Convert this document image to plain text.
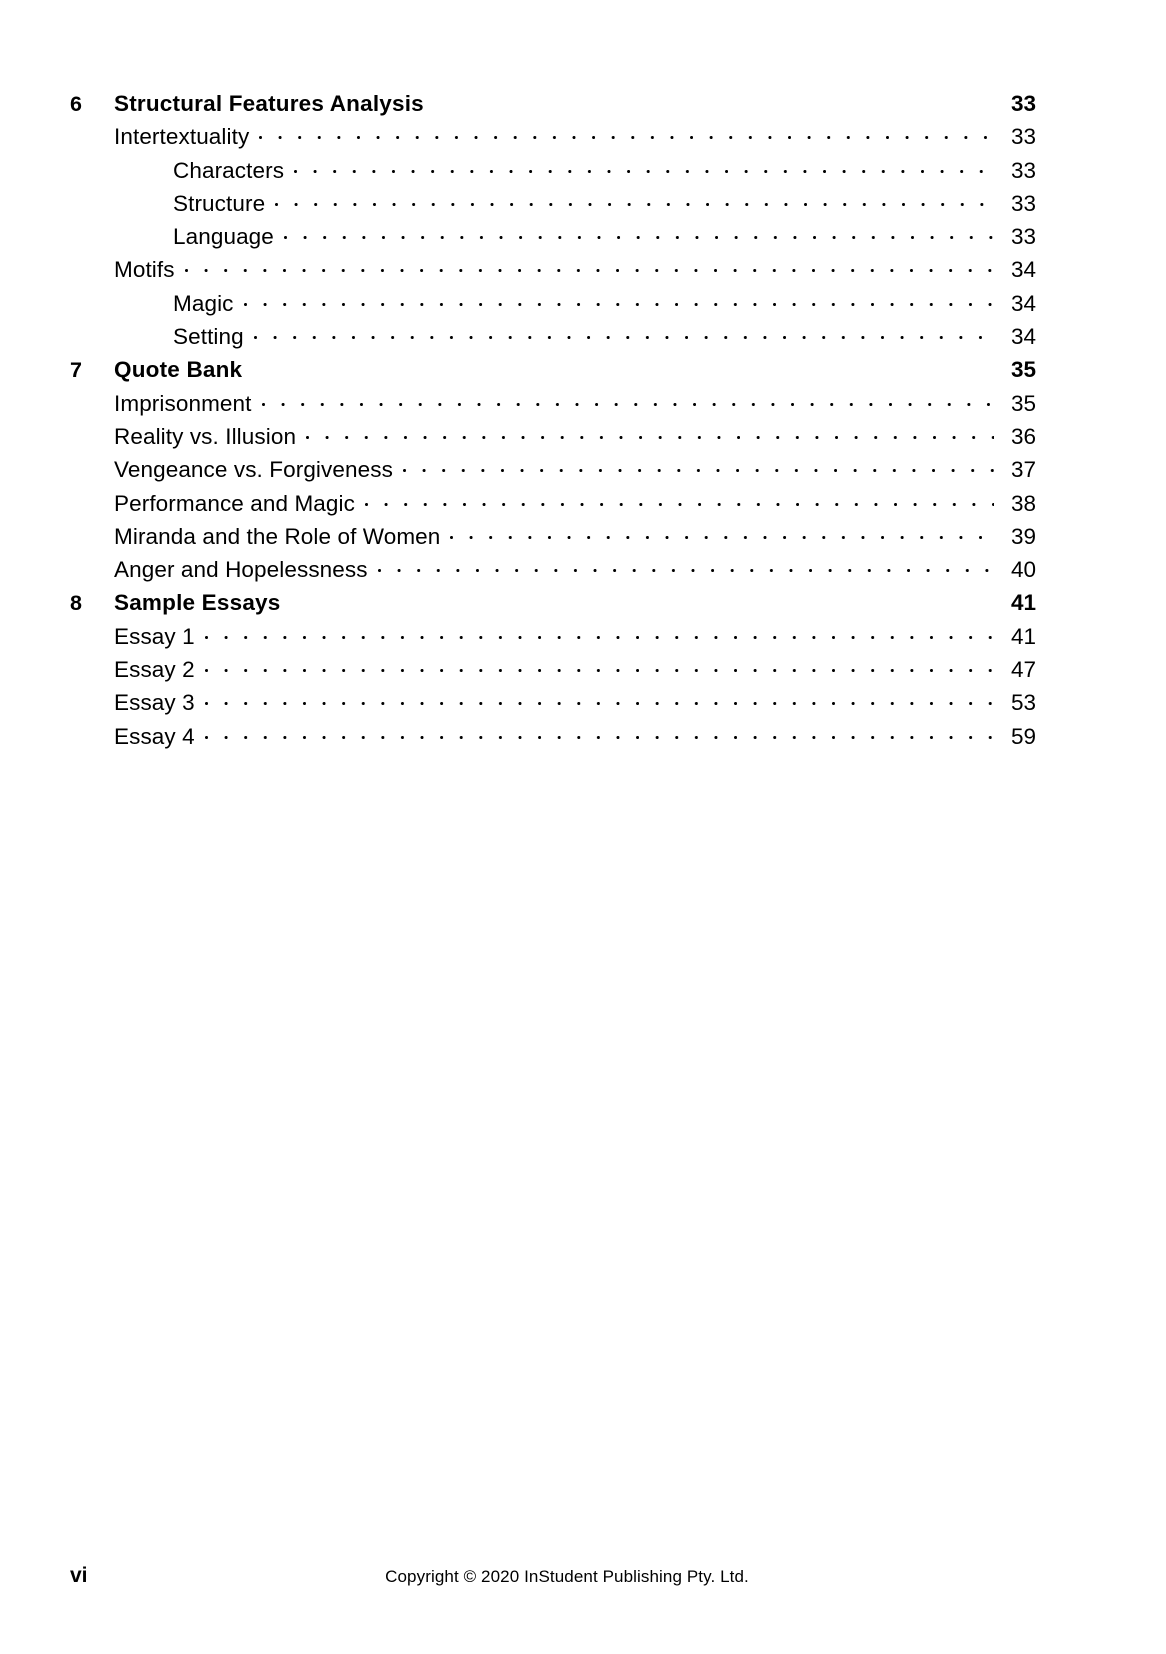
6	Structural Features Analysis	33
Intertextuality	33
Characters	33
Structure	33
Language	33
Motifs	34
Magic	34
Setting	34
7	Quote Bank	35
Imprisonment	35
Reality vs. Illusion	36
Vengeance vs. Forgiveness	37
Performance and Magic	38
Miranda and the Role of Women	39
Anger and Hopelessness	40
8	Sample Essays	41
Essay 1	41
Essay 2	47
Essay 3	53
Essay 4	59
vi	Copyright © 2020 InStudent Publishing Pty. Ltd.
